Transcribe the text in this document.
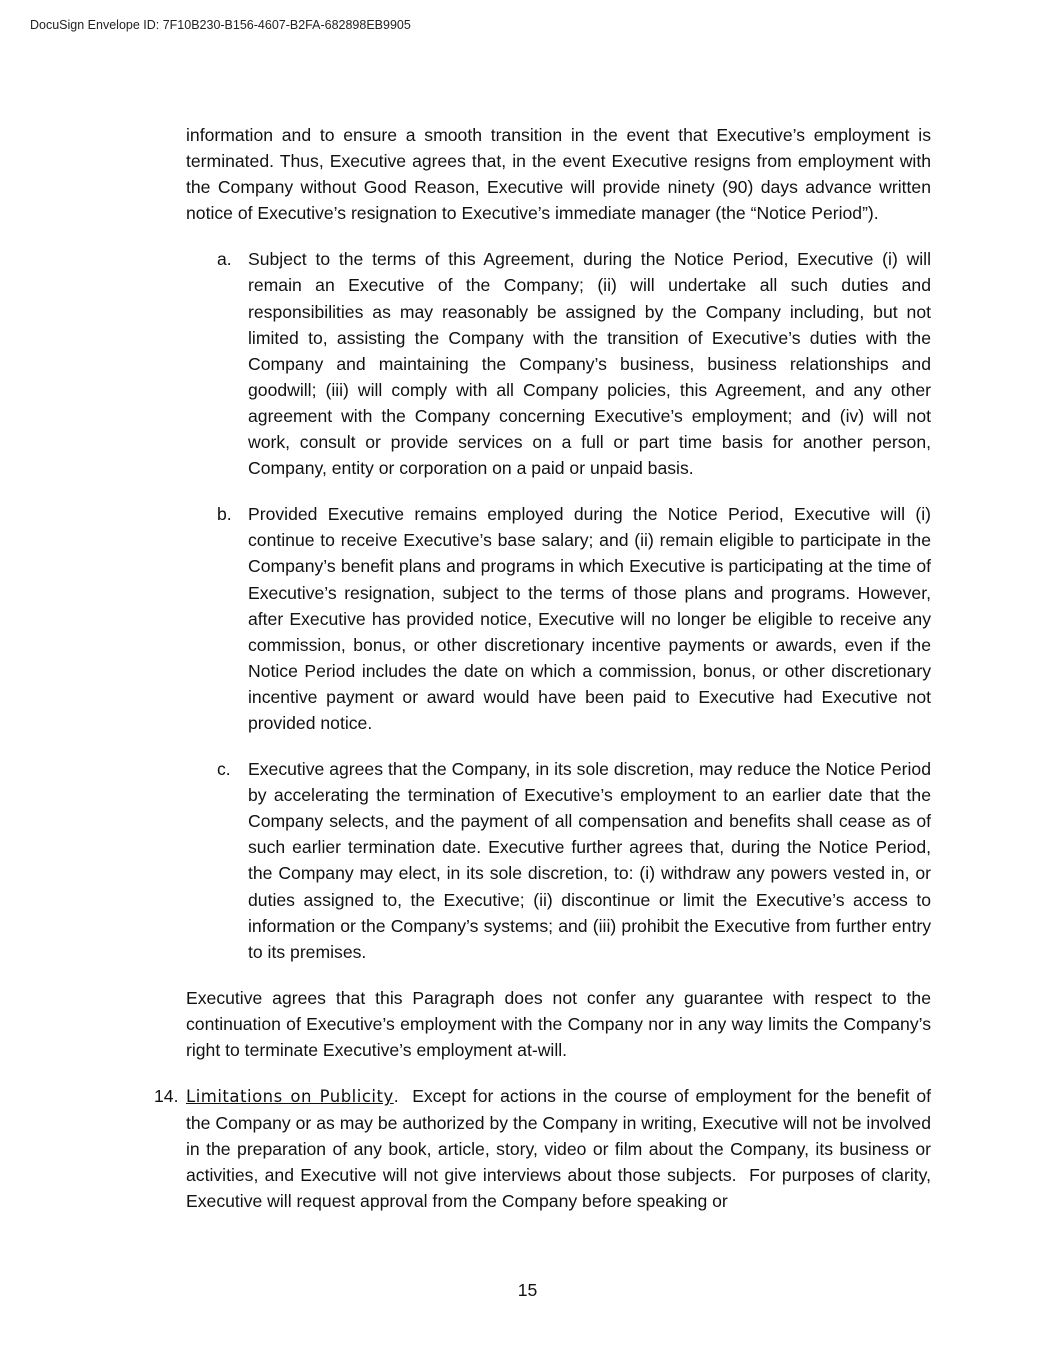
DocuSign Envelope ID: 7F10B230-B156-4607-B2FA-682898EB9905

information and to ensure a smooth transition in the event that Executive’s employment is terminated. Thus, Executive agrees that, in the event Executive resigns from employment with the Company without Good Reason, Executive will provide ninety (90) days advance written notice of Executive’s resignation to Executive’s immediate manager (the “Notice Period”).

a. Subject to the terms of this Agreement, during the Notice Period, Executive (i) will remain an Executive of the Company; (ii) will undertake all such duties and responsibilities as may reasonably be assigned by the Company including, but not limited to, assisting the Company with the transition of Executive’s duties with the Company and maintaining the Company’s business, business relationships and goodwill; (iii) will comply with all Company policies, this Agreement, and any other agreement with the Company concerning Executive’s employment; and (iv) will not work, consult or provide services on a full or part time basis for another person, Company, entity or corporation on a paid or unpaid basis.
b. Provided Executive remains employed during the Notice Period, Executive will (i) continue to receive Executive’s base salary; and (ii) remain eligible to participate in the Company’s benefit plans and programs in which Executive is participating at the time of Executive’s resignation, subject to the terms of those plans and programs. However, after Executive has provided notice, Executive will no longer be eligible to receive any commission, bonus, or other discretionary incentive payments or awards, even if the Notice Period includes the date on which a commission, bonus, or other discretionary incentive payment or award would have been paid to Executive had Executive not provided notice.
c. Executive agrees that the Company, in its sole discretion, may reduce the Notice Period by accelerating the termination of Executive’s employment to an earlier date that the Company selects, and the payment of all compensation and benefits shall cease as of such earlier termination date. Executive further agrees that, during the Notice Period, the Company may elect, in its sole discretion, to: (i) withdraw any powers vested in, or duties assigned to, the Executive; (ii) discontinue or limit the Executive’s access to information or the Company’s systems; and (iii) prohibit the Executive from further entry to its premises.

Executive agrees that this Paragraph does not confer any guarantee with respect to the continuation of Executive’s employment with the Company nor in any way limits the Company’s right to terminate Executive’s employment at-will.

14. Limitations on Publicity.  Except for actions in the course of employment for the benefit of the Company or as may be authorized by the Company in writing, Executive will not be involved in the preparation of any book, article, story, video or film about the Company, its business or activities, and Executive will not give interviews about those subjects.  For purposes of clarity, Executive will request approval from the Company before speaking or
15
